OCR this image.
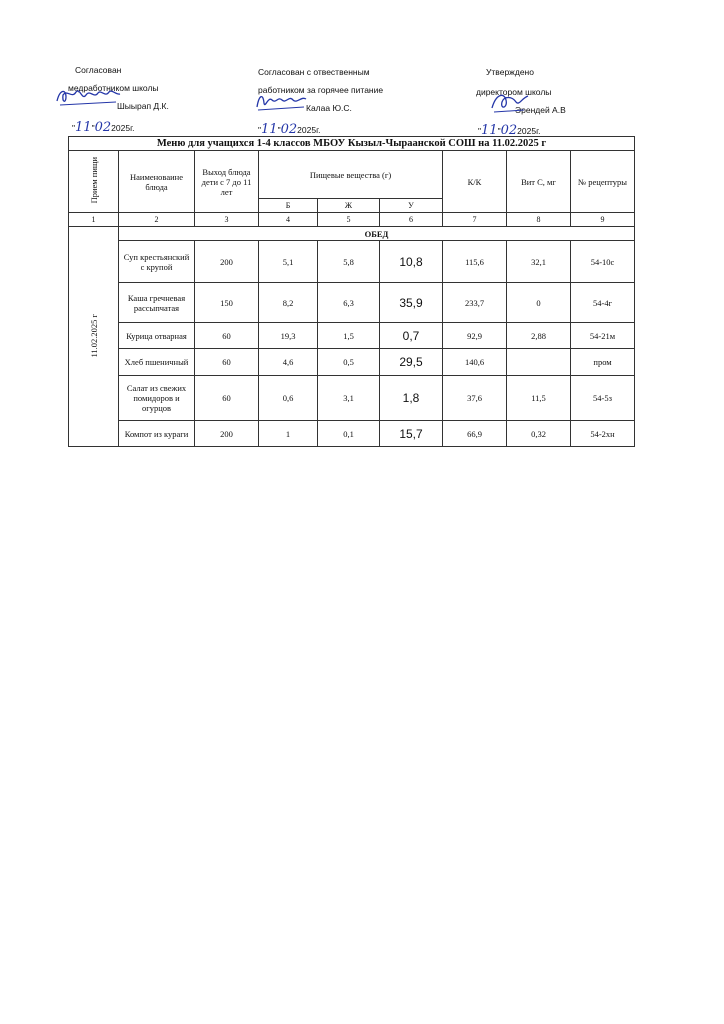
Согласован
медработником школы
Шыырап Д.К.
"11"022025г.
Согласован с отвественным
работником за горячее питание
Калаа Ю.С.
"11"022025г.
Утверждено
директором школы
Эрендей А.В
"11"022025г.
Меню для учащихся 1-4 классов МБОУ Кызыл-Чыраанской СОШ на 11.02.2025 г								
Прием пищи	Наименоваине блюда	Выход блюда дети с 7 до 11 лет	Пищевые вещества (г)			К/К	Вит С, мг	№ рецептуры
			Б	Ж	У			
1	2	3	4	5	6	7	8	9
11.02.2025 г	ОБЕД							
	Суп крестьянский с крупой	200	5,1	5,8	10,8	115,6	32,1	54-10с
	Каша гречневая рассыпчатая	150	8,2	6,3	35,9	233,7	0	54-4г
	Курица отварная	60	19,3	1,5	0,7	92,9	2,88	54-21м
	Хлеб пшеничный	60	4,6	0,5	29,5	140,6		пром
	Салат из свежих помидоров и огурцов	60	0,6	3,1	1,8	37,6	11,5	54-5з
	Компот из кураги	200	1	0,1	15,7	66,9	0,32	54-2хн
